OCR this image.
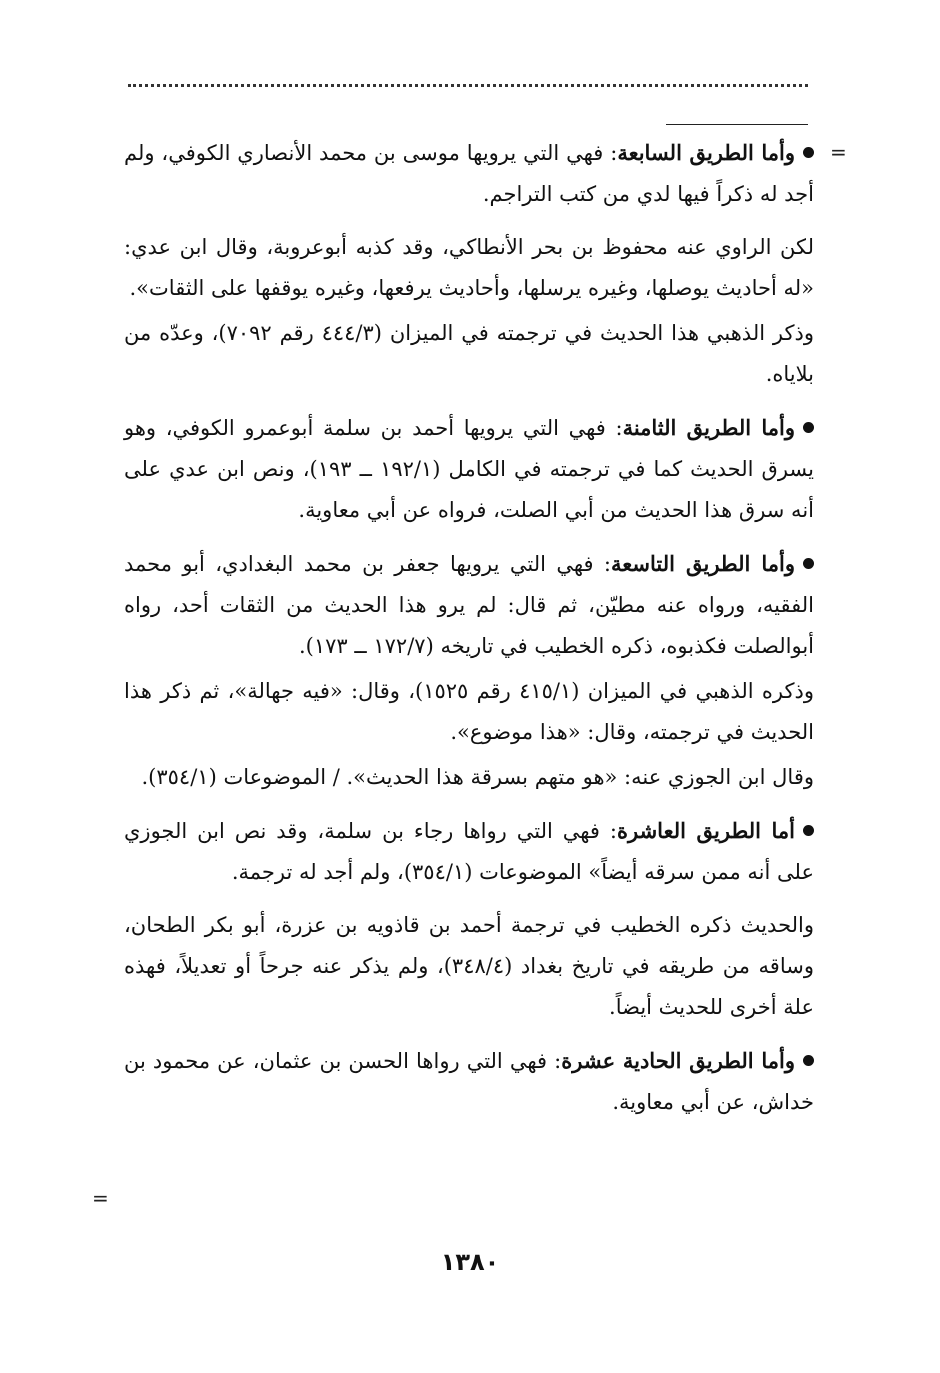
=
=

وأما الطريق السابعة: فهي التي يرويها موسى بن محمد الأنصاري الكوفي، ولم أجد له ذكراً فيها لدي من كتب التراجم.

لكن الراوي عنه محفوظ بن بحر الأنطاكي، وقد كذبه أبوعروبة، وقال ابن عدي: «له أحاديث يوصلها، وغيره يرسلها، وأحاديث يرفعها، وغيره يوقفها على الثقات».

وذكر الذهبي هذا الحديث في ترجمته في الميزان (٤٤٤/٣ رقم ٧٠٩٢)، وعدّه من بلاياه.

وأما الطريق الثامنة: فهي التي يرويها أحمد بن سلمة أبوعمرو الكوفي، وهو يسرق الحديث كما في ترجمته في الكامل (١٩٢/١ ــ ١٩٣)، ونص ابن عدي على أنه سرق هذا الحديث من أبي الصلت، فرواه عن أبي معاوية.

وأما الطريق التاسعة: فهي التي يرويها جعفر بن محمد البغدادي، أبو محمد الفقيه، ورواه عنه مطيّن، ثم قال: لم يرو هذا الحديث من الثقات أحد، رواه أبوالصلت فكذبوه، ذكره الخطيب في تاريخه (١٧٢/٧ ــ ١٧٣).

وذكره الذهبي في الميزان (٤١٥/١ رقم ١٥٢٥)، وقال: «فيه جهالة»، ثم ذكر هذا الحديث في ترجمته، وقال: «هذا موضوع».

وقال ابن الجوزي عنه: «هو متهم بسرقة هذا الحديث». / الموضوعات (٣٥٤/١).

أما الطريق العاشرة: فهي التي رواها رجاء بن سلمة، وقد نص ابن الجوزي على أنه ممن سرقه أيضاً» الموضوعات (٣٥٤/١)، ولم أجد له ترجمة.

والحديث ذكره الخطيب في ترجمة أحمد بن قاذويه بن عزرة، أبو بكر الطحان، وساقه من طريقه في تاريخ بغداد (٣٤٨/٤)، ولم يذكر عنه جرحاً أو تعديلاً، فهذه علة أخرى للحديث أيضاً.

وأما الطريق الحادية عشرة: فهي التي رواها الحسن بن عثمان، عن محمود بن خداش، عن أبي معاوية.

١٣٨٠
